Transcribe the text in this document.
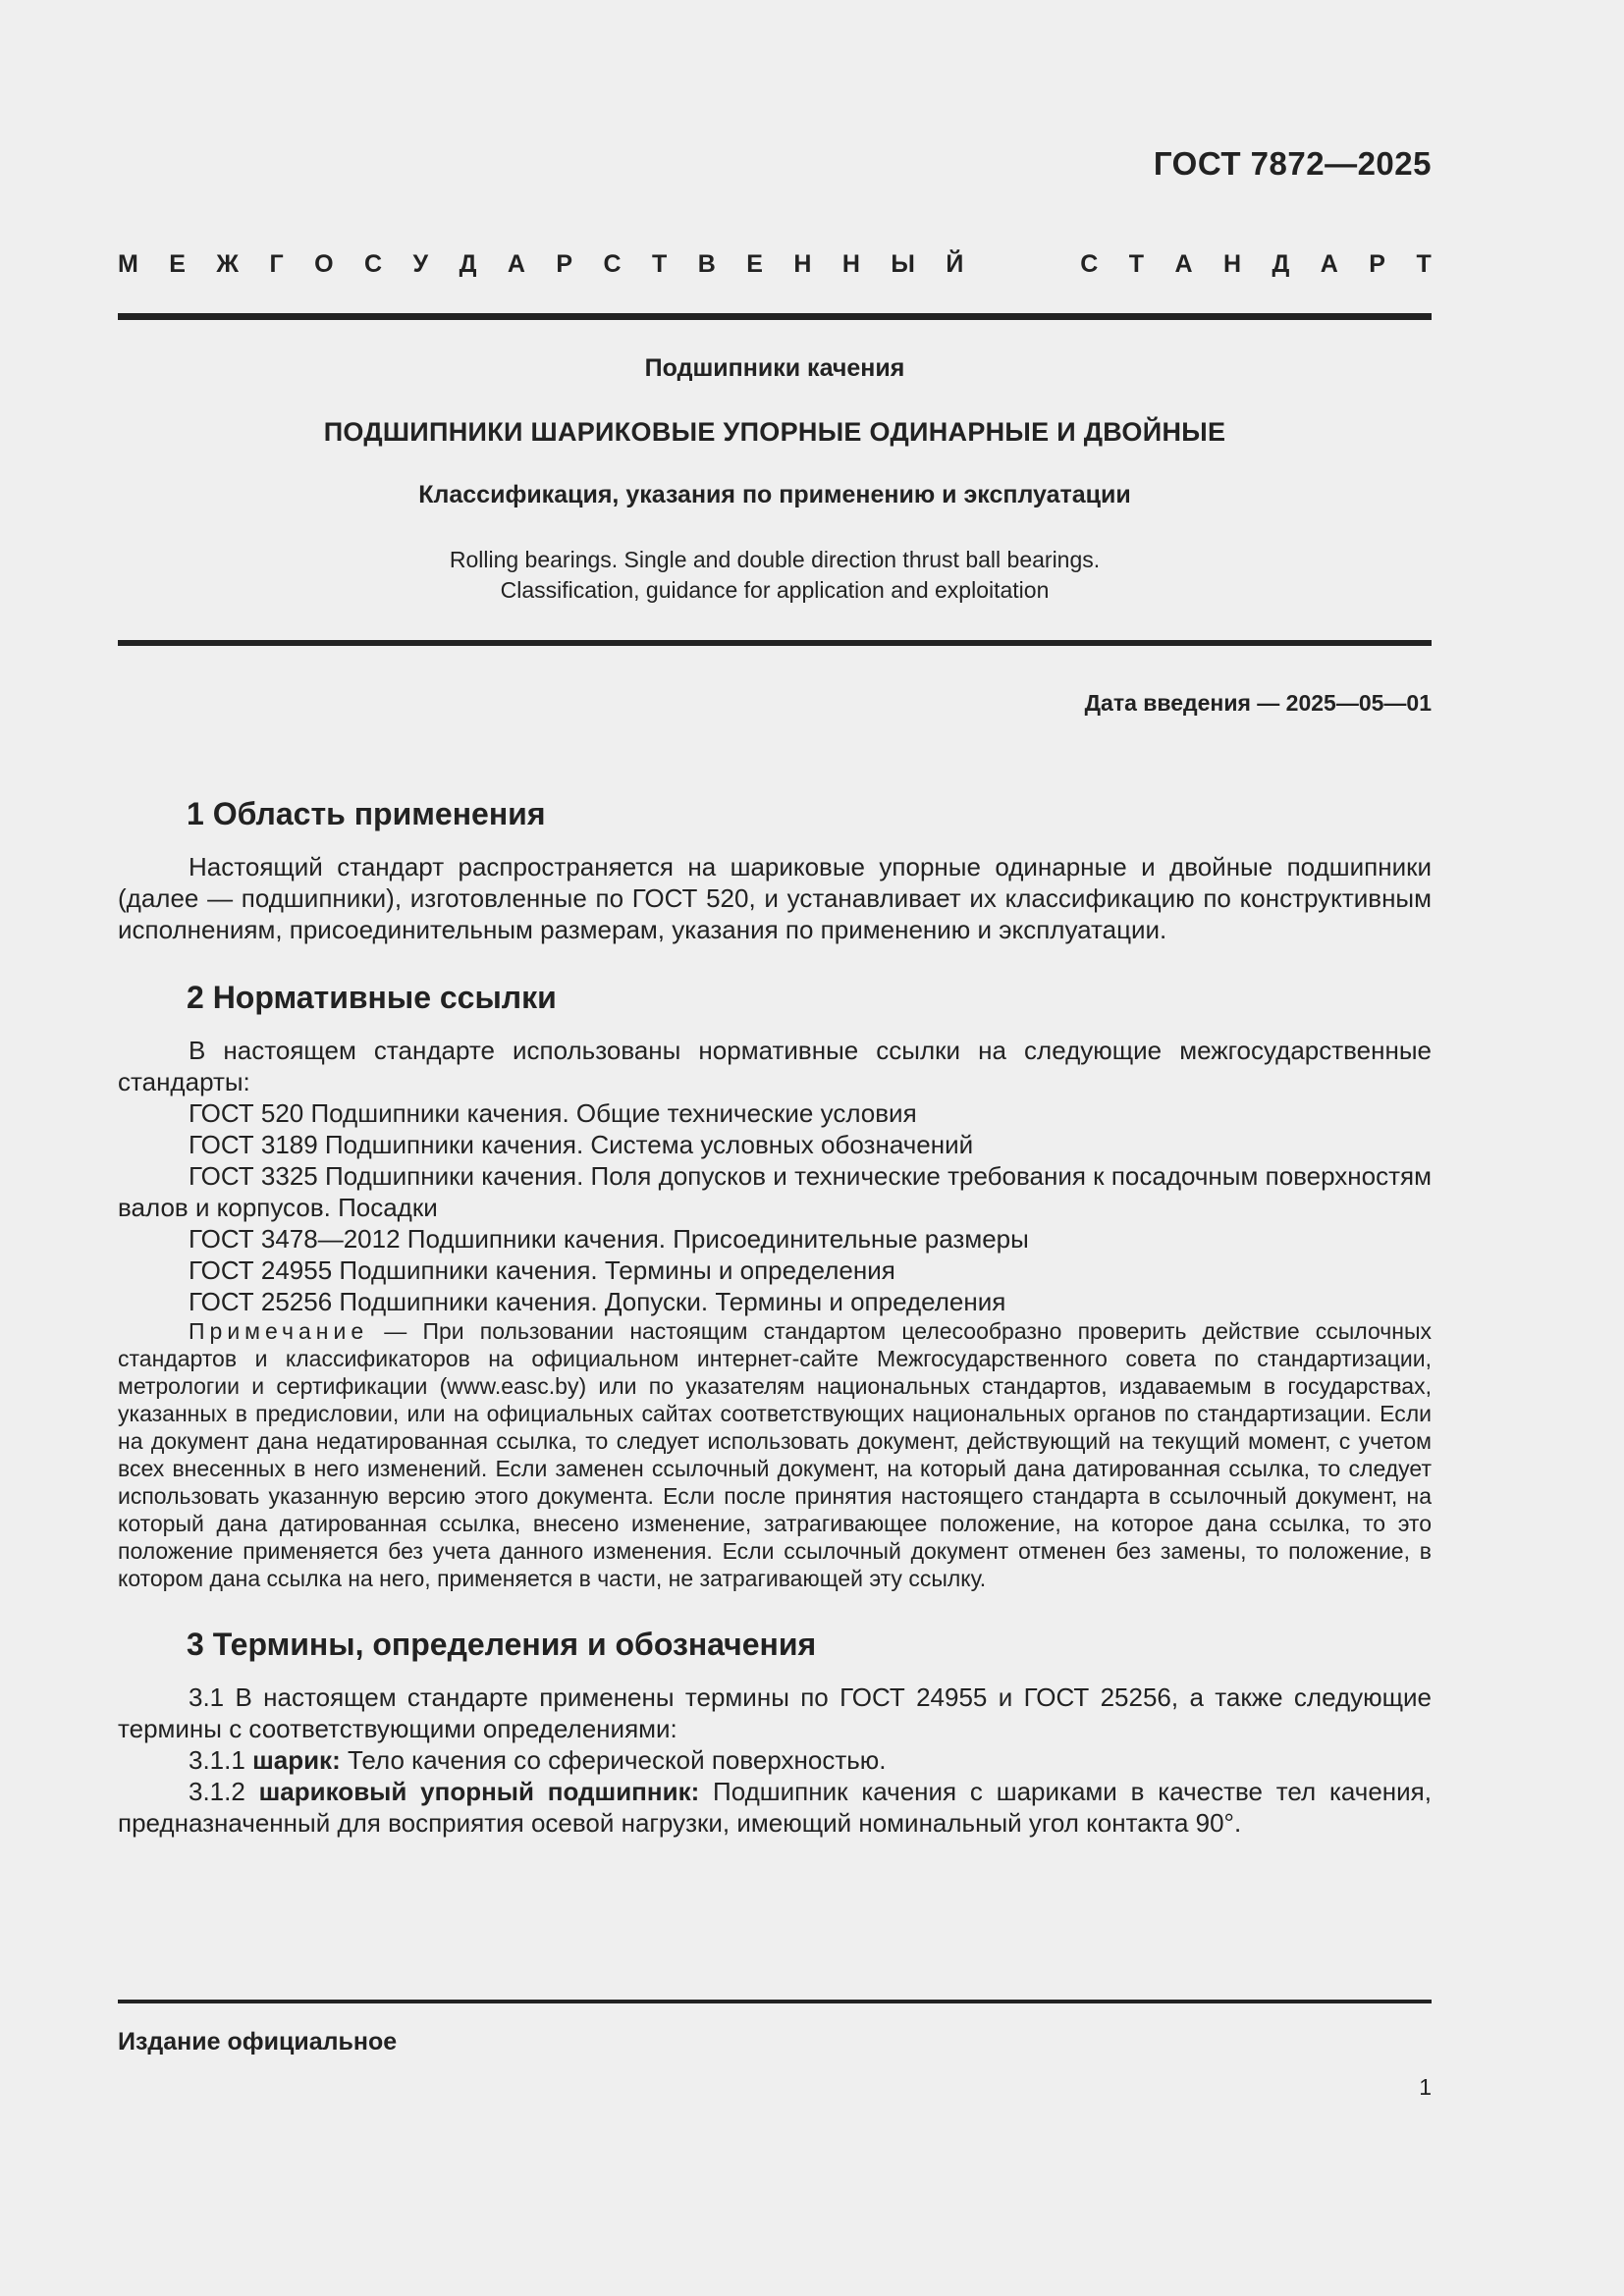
ГОСТ 7872—2025
М Е Ж Г О С У Д А Р С Т В Е Н Н Ы Й	С Т А Н Д А Р Т
Подшипники качения
ПОДШИПНИКИ ШАРИКОВЫЕ УПОРНЫЕ ОДИНАРНЫЕ И ДВОЙНЫЕ
Классификация, указания по применению и эксплуатации
Rolling bearings. Single and double direction thrust ball bearings.
Classification, guidance for application and exploitation
Дата введения — 2025—05—01
1 Область применения

Настоящий стандарт распространяется на шариковые упорные одинарные и двойные подшипники (далее — подшипники), изготовленные по ГОСТ 520, и устанавливает их классификацию по конструктивным исполнениям, присоединительным размерам, указания по применению и эксплуатации.

2 Нормативные ссылки

В настоящем стандарте использованы нормативные ссылки на следующие межгосударственные стандарты:

ГОСТ 520 Подшипники качения. Общие технические условия

ГОСТ 3189 Подшипники качения. Система условных обозначений

ГОСТ 3325 Подшипники качения. Поля допусков и технические требования к посадочным поверхностям валов и корпусов. Посадки

ГОСТ 3478—2012 Подшипники качения. Присоединительные размеры

ГОСТ 24955 Подшипники качения. Термины и определения

ГОСТ 25256 Подшипники качения. Допуски. Термины и определения

Примечание — При пользовании настоящим стандартом целесообразно проверить действие ссылочных стандартов и классификаторов на официальном интернет-сайте Межгосударственного совета по стандартизации, метрологии и сертификации (www.easc.by) или по указателям национальных стандартов, издаваемым в государствах, указанных в предисловии, или на официальных сайтах соответствующих национальных органов по стандартизации. Если на документ дана недатированная ссылка, то следует использовать документ, действующий на текущий момент, с учетом всех внесенных в него изменений. Если заменен ссылочный документ, на который дана датированная ссылка, то следует использовать указанную версию этого документа. Если после принятия настоящего стандарта в ссылочный документ, на который дана датированная ссылка, внесено изменение, затрагивающее положение, на которое дана ссылка, то это положение применяется без учета данного изменения. Если ссылочный документ отменен без замены, то положение, в котором дана ссылка на него, применяется в части, не затрагивающей эту ссылку.

3 Термины, определения и обозначения

3.1 В настоящем стандарте применены термины по ГОСТ 24955 и ГОСТ 25256, а также следующие термины с соответствующими определениями:

3.1.1 шарик: Тело качения со сферической поверхностью.

3.1.2 шариковый упорный подшипник: Подшипник качения с шариками в качестве тел качения, предназначенный для восприятия осевой нагрузки, имеющий номинальный угол контакта 90°.

Издание официальное
1
